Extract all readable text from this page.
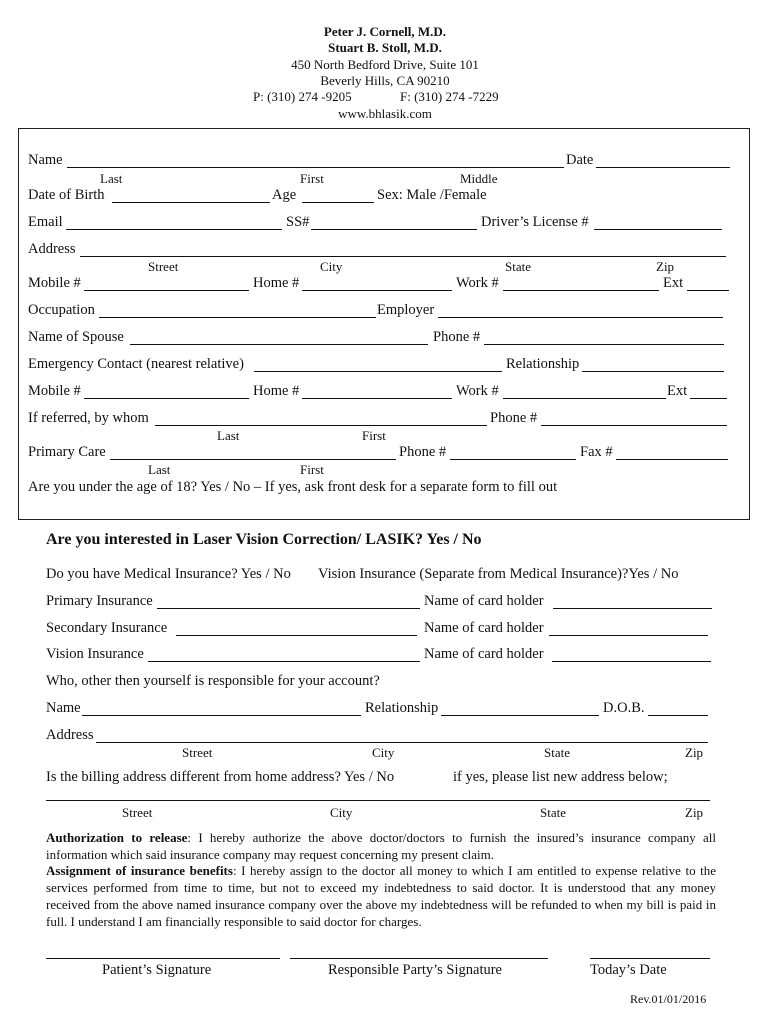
Peter J. Cornell, M.D.
Stuart B. Stoll, M.D.
450 North Bedford Drive, Suite 101
Beverly Hills, CA 90210
P: (310) 274 -9205	F: (310) 274 -7229
www.bhlasik.com
Name	Date
Last	First	Middle
Date of Birth	Age	Sex: Male /Female
Email	SS#	Driver’s License #
Address
Street	City	State	Zip
Mobile #	Home #	Work #	Ext
Occupation	Employer
Name of Spouse	Phone #
Emergency Contact (nearest relative)	Relationship
Mobile #	Home #	Work #	Ext
If referred, by whom	Phone #
Last	First
Primary Care	Phone #	Fax #
Last	First
Are you under the age of 18? Yes / No – If yes, ask front desk for a separate form to fill out
Are you interested in Laser Vision Correction/ LASIK? Yes / No
Do you have Medical Insurance? Yes / No Vision Insurance (Separate from Medical Insurance)?Yes / No
Primary Insurance	Name of card holder
Secondary Insurance	Name of card holder
Vision Insurance	Name of card holder
Who, other then yourself is responsible for your account?
Name	Relationship	D.O.B.
Address
Street	City	State	Zip
Is the billing address different from home address? Yes / No	if yes, please list new address below;
Street	City	State	Zip
Authorization to release: I hereby authorize the above doctor/doctors to furnish the insured’s insurance company all information which said insurance company may request concerning my present claim.
Assignment of insurance benefits: I hereby assign to the doctor all money to which I am entitled to expense relative to the services performed from time to time, but not to exceed my indebtedness to said doctor. It is understood that any money received from the above named insurance company over the above my indebtedness will be refunded to when my bill is paid in full. I understand I am financially responsible to said doctor for charges.
Patient’s Signature	Responsible Party’s Signature	Today’s Date
Rev.01/01/2016
